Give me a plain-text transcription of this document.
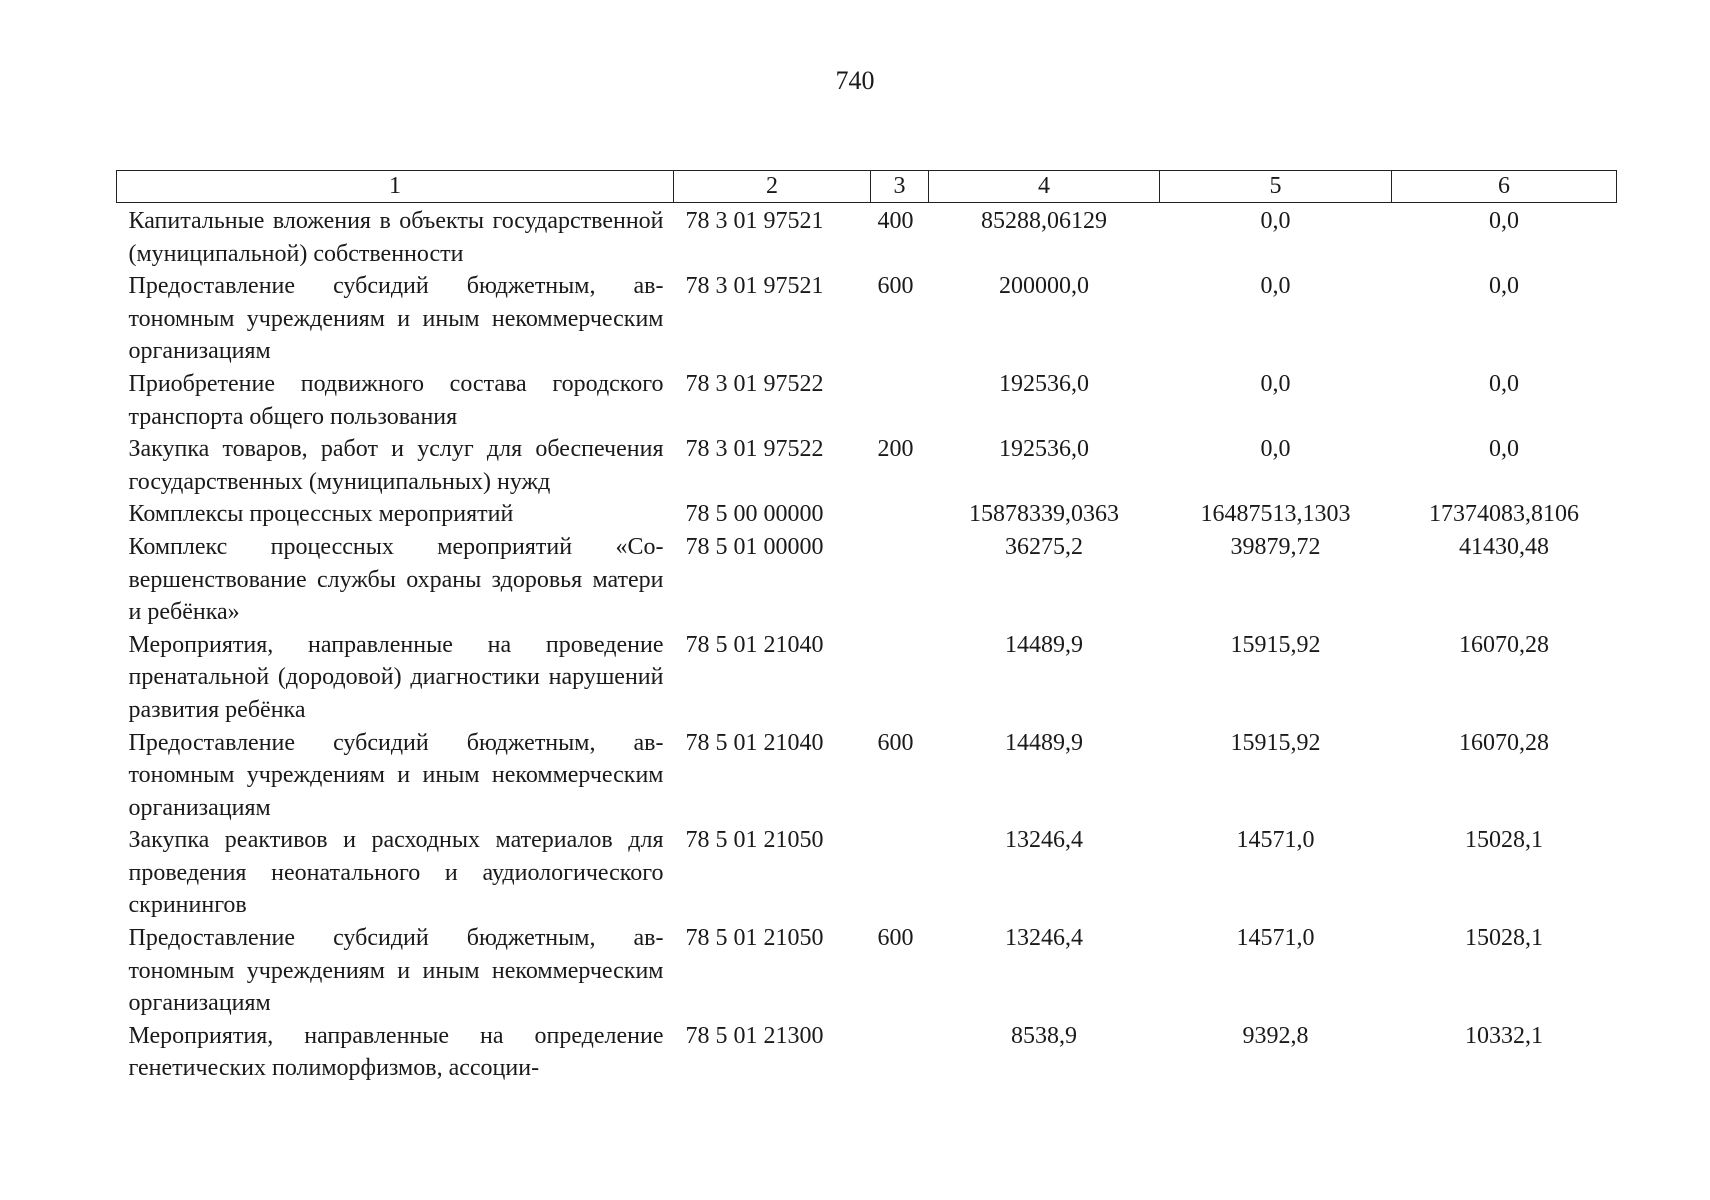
740
1	2	3	4	5	6
Капитальные вложения в объекты государственной (муниципальной) собственности	78 3 01 97521	400	85288,06129	0,0	0,0
Предоставление субсидий бюджетным, автономным учреждениям и иным некоммерческим организациям	78 3 01 97521	600	200000,0	0,0	0,0
Приобретение подвижного состава городского транспорта общего пользования	78 3 01 97522		192536,0	0,0	0,0
Закупка товаров, работ и услуг для обеспечения государственных (муниципальных) нужд	78 3 01 97522	200	192536,0	0,0	0,0
Комплексы процессных мероприятий	78 5 00 00000		15878339,0363	16487513,1303	17374083,8106
Комплекс процессных мероприятий «Совершенствование службы охраны здоровья матери и ребёнка»	78 5 01 00000		36275,2	39879,72	41430,48
Мероприятия, направленные на проведение пренатальной (дородовой) диагностики нарушений развития ребёнка	78 5 01 21040		14489,9	15915,92	16070,28
Предоставление субсидий бюджетным, автономным учреждениям и иным некоммерческим организациям	78 5 01 21040	600	14489,9	15915,92	16070,28
Закупка реактивов и расходных материалов для проведения неонатального и аудиологического скринингов	78 5 01 21050		13246,4	14571,0	15028,1
Предоставление субсидий бюджетным, автономным учреждениям и иным некоммерческим организациям	78 5 01 21050	600	13246,4	14571,0	15028,1
Мероприятия, направленные на определение генетических полиморфизмов, ассоции-	78 5 01 21300		8538,9	9392,8	10332,1
